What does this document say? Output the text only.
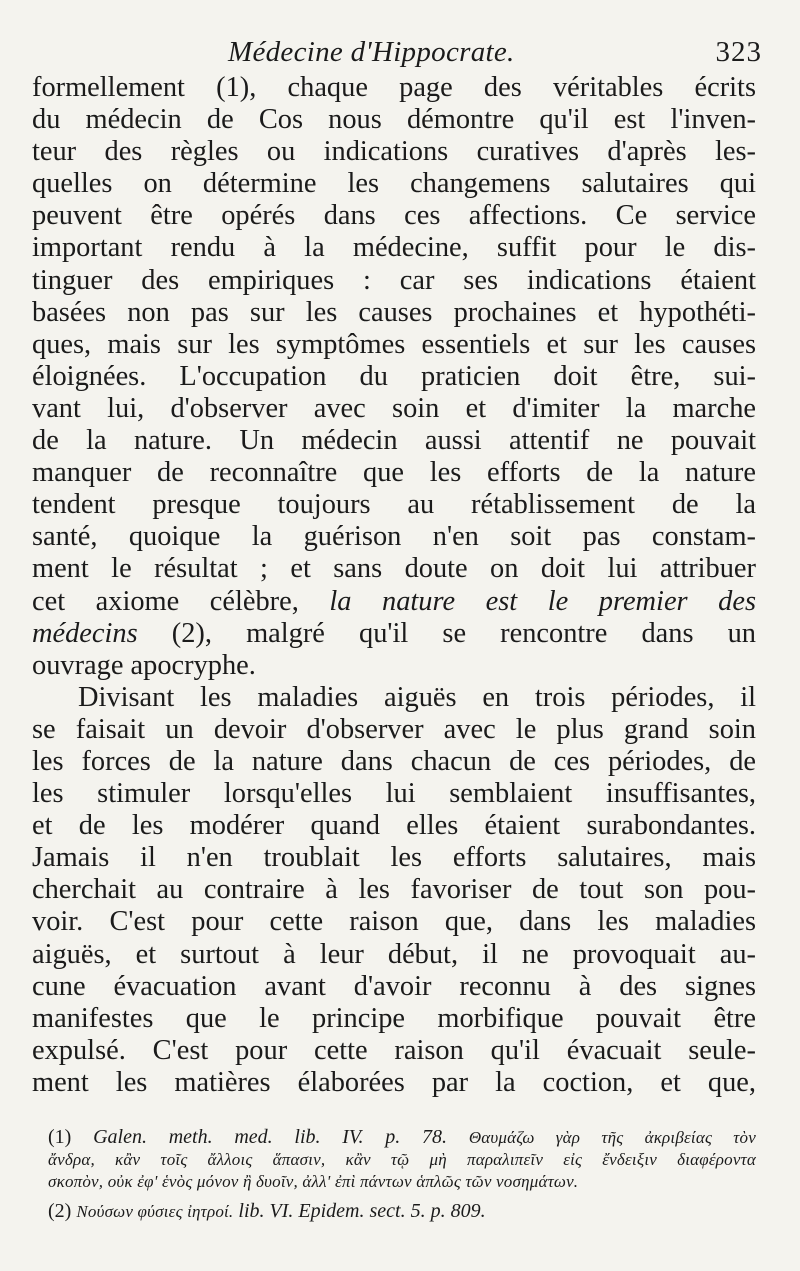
Médecine d'Hippocrate.	323
formellement (1), chaque page des véritables écrits
du médecin de Cos nous démontre qu'il est l'inven-
teur des règles ou indications curatives d'après les-
quelles on détermine les changemens salutaires qui
peuvent être opérés dans ces affections. Ce service
important rendu à la médecine, suffit pour le dis-
tinguer des empiriques : car ses indications étaient
basées non pas sur les causes prochaines et hypothéti-
ques, mais sur les symptômes essentiels et sur les causes
éloignées. L'occupation du praticien doit être, sui-
vant lui, d'observer avec soin et d'imiter la marche
de la nature. Un médecin aussi attentif ne pouvait
manquer de reconnaître que les efforts de la nature
tendent presque toujours au rétablissement de la
santé, quoique la guérison n'en soit pas constam-
ment le résultat ; et sans doute on doit lui attribuer
cet axiome célèbre, la nature est le premier des
médecins (2), malgré qu'il se rencontre dans un
ouvrage apocryphe.
Divisant les maladies aiguës en trois périodes, il
se faisait un devoir d'observer avec le plus grand soin
les forces de la nature dans chacun de ces périodes, de
les stimuler lorsqu'elles lui semblaient insuffisantes,
et de les modérer quand elles étaient surabondantes.
Jamais il n'en troublait les efforts salutaires, mais
cherchait au contraire à les favoriser de tout son pou-
voir. C'est pour cette raison que, dans les maladies
aiguës, et surtout à leur début, il ne provoquait au-
cune évacuation avant d'avoir reconnu à des signes
manifestes que le principe morbifique pouvait être
expulsé. C'est pour cette raison qu'il évacuait seule-
ment les matières élaborées par la coction, et que,
(1) Galen. meth. med. lib. IV. p. 78. Θαυμάζω γὰρ τῆς ἀκριβείας τὸν
ἄνδρα, κἂν τοῖς ἄλλοις ἅπασιν, κἂν τῷ μὴ παραλιπεῖν εἰς ἔνδειξιν διαφέροντα
σκοπὸν, οὐκ ἐφ' ἑνὸς μόνον ἢ δυοῖν, ἀλλ' ἐπὶ πάντων ἁπλῶς τῶν νοσημάτων.
(2) Νούσων φύσιες ἰητροί. lib. VI. Epidem. sect. 5. p. 809.
